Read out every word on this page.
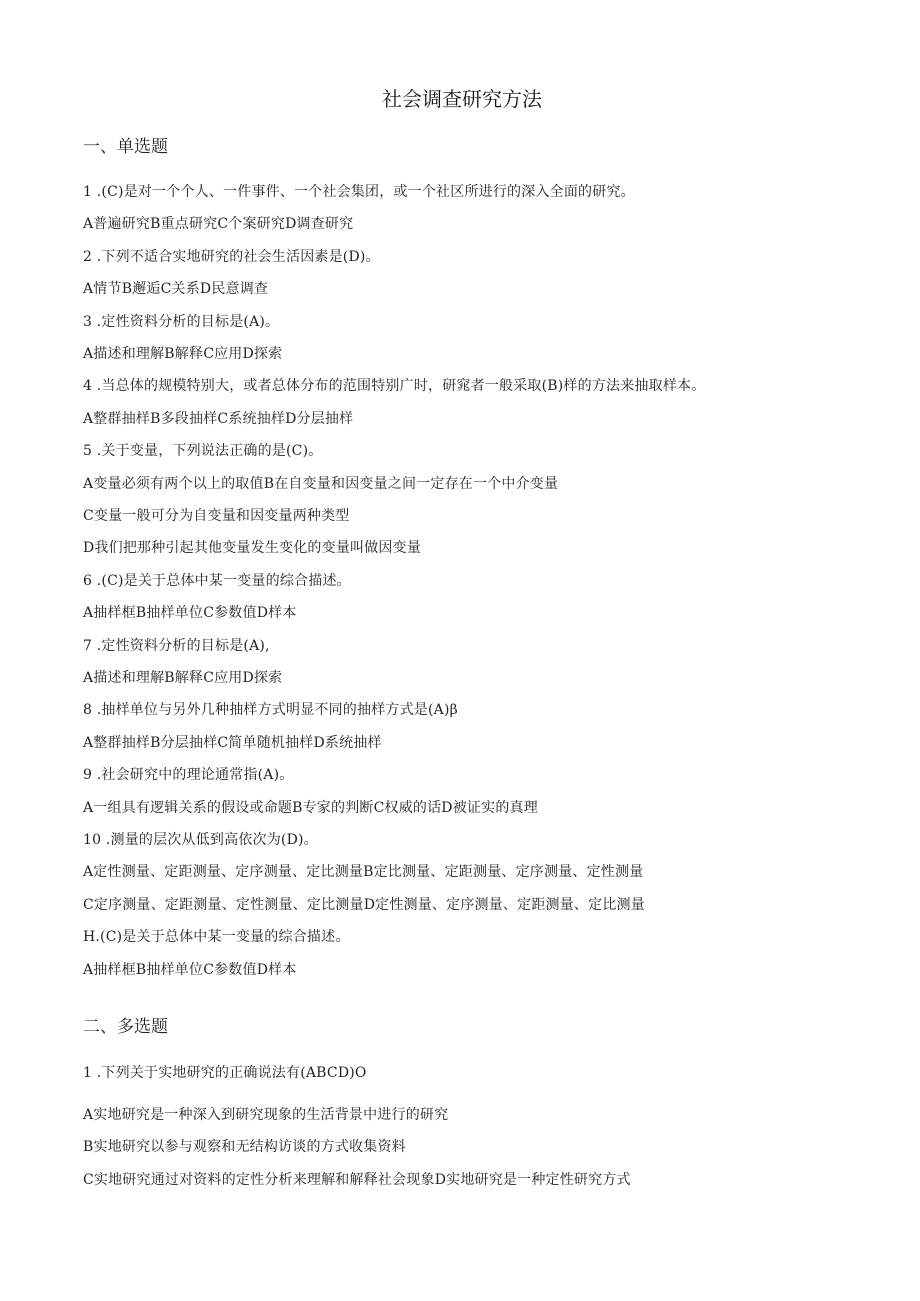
社会调查研究方法
一、单选题
1 .(C)是对一个个人、一件事件、一个社会集团，或一个社区所进行的深入全面的研究。
A普遍研究B重点研究C个案研究D调查研究
2 .下列不适合实地研究的社会生活因素是(D)。
A情节B邂逅C关系D民意调查
3 .定性资料分析的目标是(A)。
A描述和理解B解释C应用D探索
4 .当总体的规模特别大，或者总体分布的范围特别广时，研窕者一般采取(B)样的方法来抽取样本。
A整群抽样B多段抽样C系统抽样D分层抽样
5 .关于变量，下列说法正确的是(C)。
A变量必须有两个以上的取值B在自变量和因变量之间一定存在一个中介变量
C变量一般可分为自变量和因变量两种类型
D我们把那种引起其他变量发生变化的变量叫做因变量
6 .(C)是关于总体中某一变量的综合描述。
A抽样框B抽样单位C参数值D样本
7 .定性资料分析的目标是(A),
A描述和理解B解释C应用D探索
8 .抽样单位与另外几种抽样方式明显不同的抽样方式是(A)β
A整群抽样B分层抽样C简单随机抽样D系统抽样
9 .社会研究中的理论通常指(A)。
A一组具有逻辑关系的假设或命题B专家的判断C权威的话D被证实的真理
10 .测量的层次从低到高依次为(D)。
A定性测量、定距测量、定序测量、定比测量B定比测量、定距测量、定序测量、定性测量
C定序测量、定距测量、定性测量、定比测量D定性测量、定序测量、定距测量、定比测量
H.(C)是关于总体中某一变量的综合描述。
A抽样框B抽样单位C参数值D样本
二、多选题
1 .下列关于实地研究的正确说法有(ABCD)O
A实地研究是一种深入到研究现象的生活背景中进行的研究
B实地研究以参与观察和无结构访谈的方式收集资料
C实地研究通过对资料的定性分析来理解和解释社会现象D实地研究是一种定性研究方式
